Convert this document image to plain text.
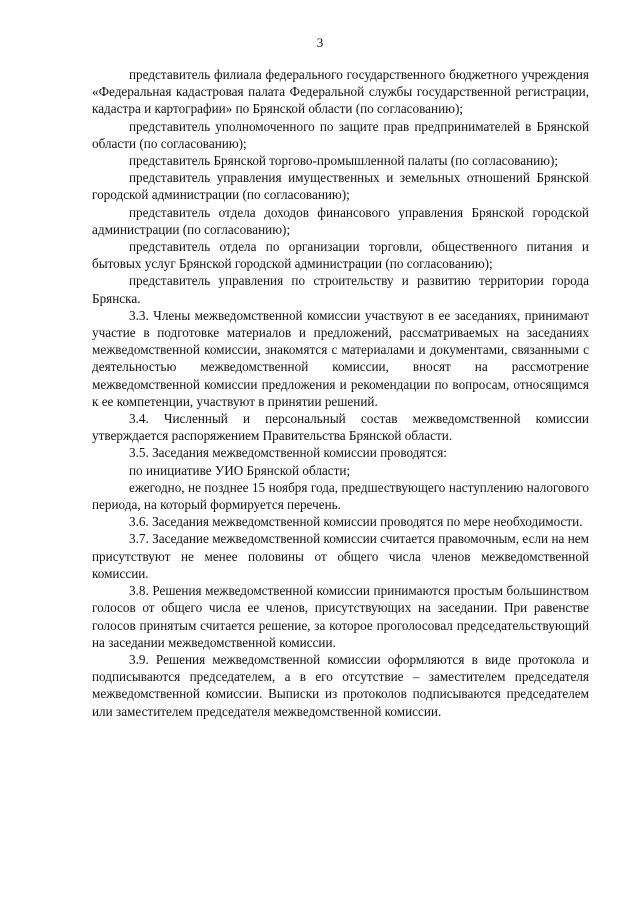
3

представитель филиала федерального государственного бюджетного учреждения «Федеральная кадастровая палата Федеральной службы государственной регистрации, кадастра и картографии» по Брянской области (по согласованию);

представитель уполномоченного по защите прав предпринимателей в Брянской области (по согласованию);

представитель Брянской торгово-промышленной палаты (по согласованию);

представитель управления имущественных и земельных отношений Брянской городской администрации (по согласованию);

представитель отдела доходов финансового управления Брянской городской администрации (по согласованию);

представитель отдела по организации торговли, общественного питания и бытовых услуг Брянской городской администрации (по согласованию);

представитель управления по строительству и развитию территории города Брянска.

3.3. Члены межведомственной комиссии участвуют в ее заседаниях, принимают участие в подготовке материалов и предложений, рассматриваемых на заседаниях межведомственной комиссии, знакомятся с материалами и документами, связанными с деятельностью межведомственной комиссии, вносят на рассмотрение межведомственной комиссии предложения и рекомендации по вопросам, относящимся к ее компетенции, участвуют в принятии решений.

3.4. Численный и персональный состав межведомственной комиссии утверждается распоряжением Правительства Брянской области.

3.5. Заседания межведомственной комиссии проводятся:

по инициативе УИО Брянской области;

ежегодно, не позднее 15 ноября года, предшествующего наступлению налогового периода, на который формируется перечень.

3.6. Заседания межведомственной комиссии проводятся по мере необходимости.

3.7. Заседание межведомственной комиссии считается правомочным, если на нем присутствуют не менее половины от общего числа членов межведомственной комиссии.

3.8. Решения межведомственной комиссии принимаются простым большинством голосов от общего числа ее членов, присутствующих на заседании. При равенстве голосов принятым считается решение, за которое проголосовал председательствующий на заседании межведомственной комиссии.

3.9. Решения межведомственной комиссии оформляются в виде протокола и подписываются председателем, а в его отсутствие – заместителем председателя межведомственной комиссии. Выписки из протоколов подписываются председателем или заместителем председателя межведомственной комиссии.
